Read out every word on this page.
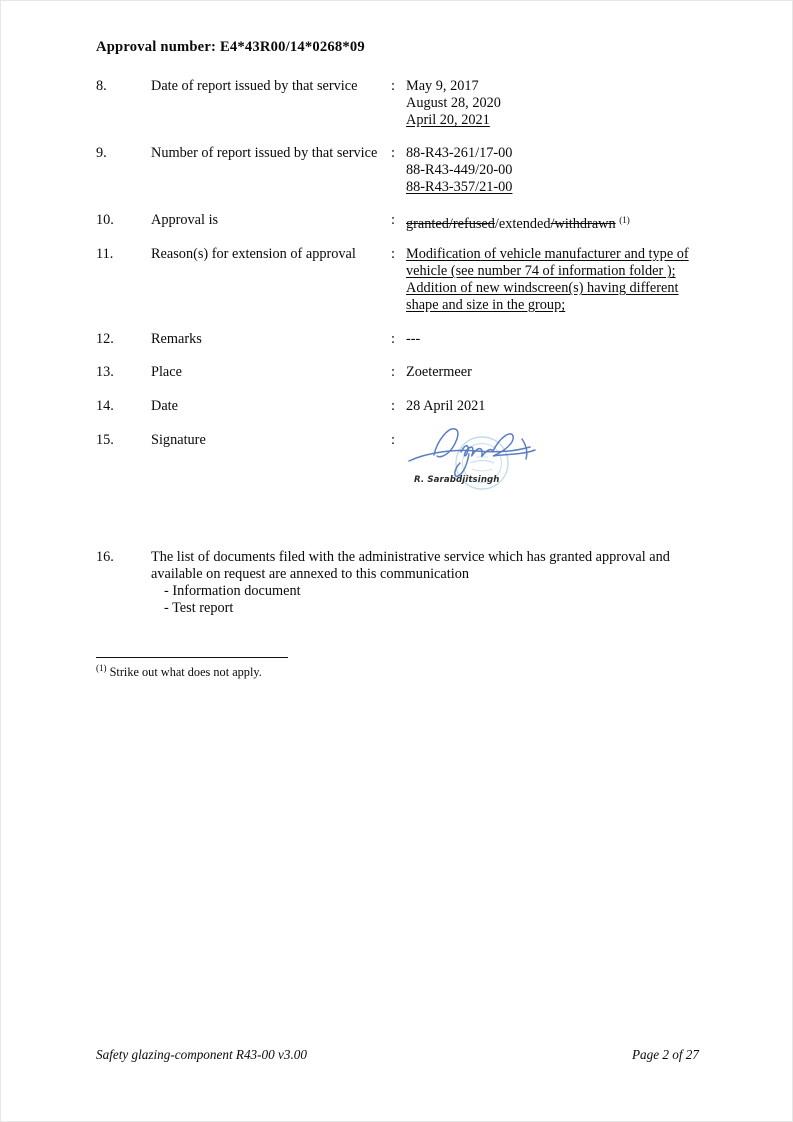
Approval number: E4*43R00/14*0268*09
8.	Date of report issued by that service	: May 9, 2017
August 28, 2020
April 20, 2021
9.	Number of report issued by that service : 88-R43-261/17-00
88-R43-449/20-00
88-R43-357/21-00
10.	Approval is	: granted/refused/extended/withdrawn $^{(1)}$
11.	Reason(s) for extension of approval	: Modification of vehicle manufacturer and type of
vehicle (see number 74 of information folder );
Addition of new windscreen(s) having different
shape and size in the group;
12.	Remarks	: ---
13.	Place	: Zoetermeer
14.	Date	: 28 April 2021
15.	Signature	:
R. Sarabdjitsingh
16.	The list of documents filed with the administrative service which has granted approval and
available on request are annexed to this communication
- Information document
- Test report
$^{(1)}$ Strike out what does not apply.
Safety glazing-component R43-00 v3.00	Page 2 of 27
